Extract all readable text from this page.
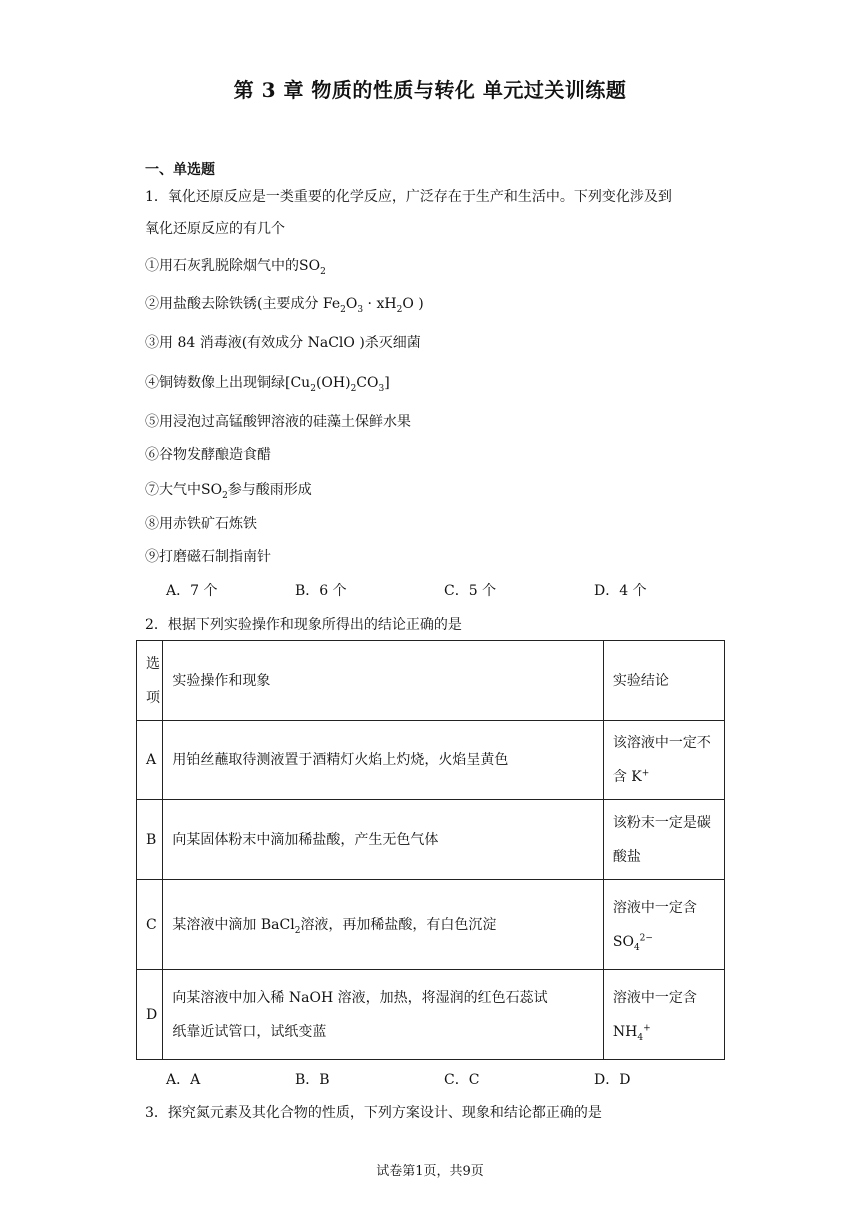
第 3 章 物质的性质与转化 单元过关训练题
一、单选题
1．氧化还原反应是一类重要的化学反应，广泛存在于生产和生活中。下列变化涉及到
氧化还原反应的有几个
①用石灰乳脱除烟气中的$SO_2$
②用盐酸去除铁锈(主要成分 $Fe_2O_3 \cdot xH_2O$ )
③用 84 消毒液(有效成分 NaClO )杀灭细菌
④铜铸数像上出现铜绿$[Cu_2(OH)_2CO_3]$
⑤用浸泡过高锰酸钾溶液的硅藻土保鲜水果
⑥谷物发酵酿造食醋
⑦大气中$SO_2$参与酸雨形成
⑧用赤铁矿石炼铁
⑨打磨磁石制指南针
A．7 个	B．6 个	C．5 个	D．4 个
2．根据下列实验操作和现象所得出的结论正确的是
选
项	实验操作和现象	实验结论
A	用铂丝蘸取待测液置于酒精灯火焰上灼烧，火焰呈黄色	该溶液中一定不
含 K+
B	向某固体粉末中滴加稀盐酸，产生无色气体	该粉末一定是碳
酸盐
C	某溶液中滴加 BaCl$_2$溶液，再加稀盐酸，有白色沉淀	溶液中一定含
$SO_4^{2-}$
D	向某溶液中加入稀 NaOH 溶液，加热，将湿润的红色石蕊试
纸靠近试管口，试纸变蓝	溶液中一定含
$NH_4^+$
A．A	B．B	C．C	D．D
3．探究氮元素及其化合物的性质，下列方案设计、现象和结论都正确的是
试卷第1页，共9页
